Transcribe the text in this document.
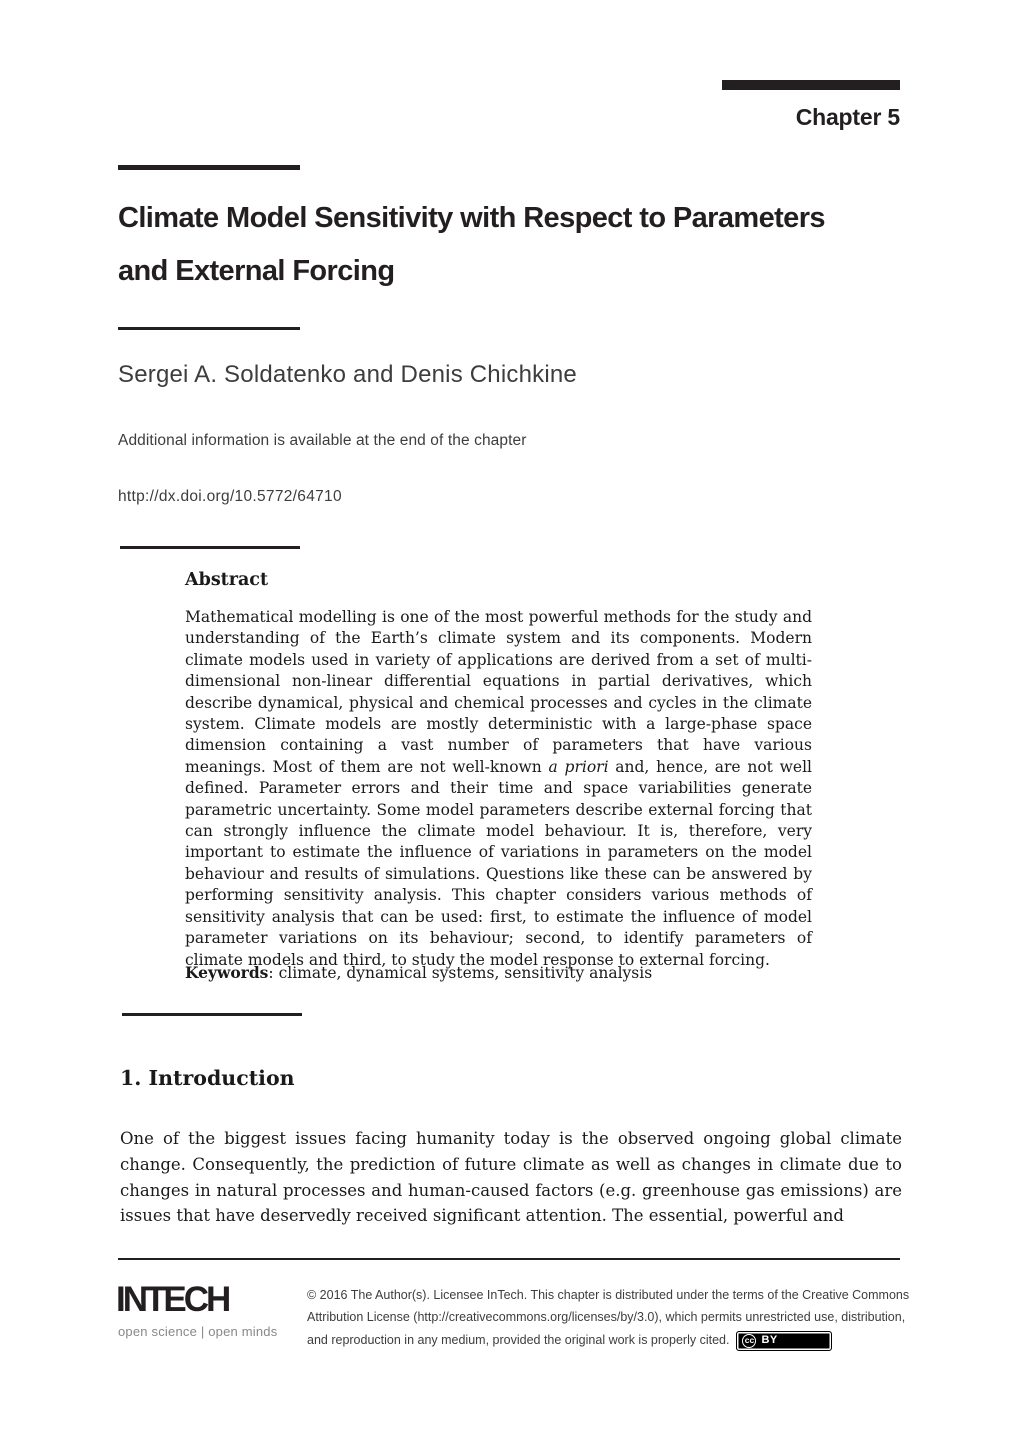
Chapter 5
Climate Model Sensitivity with Respect to Parameters
and External Forcing
Sergei A. Soldatenko and Denis Chichkine
Additional information is available at the end of the chapter
http://dx.doi.org/10.5772/64710
Abstract
Mathematical modelling is one of the most powerful methods for the study and understanding of the Earth’s climate system and its components. Modern climate models used in variety of applications are derived from a set of multi-dimensional non-linear differential equations in partial derivatives, which describe dynamical, physical and chemical processes and cycles in the climate system. Climate models are mostly deterministic with a large-phase space dimension containing a vast number of parameters that have various meanings. Most of them are not well-known a priori and, hence, are not well defined. Parameter errors and their time and space variabilities generate parametric uncertainty. Some model parameters describe external forcing that can strongly influence the climate model behaviour. It is, therefore, very important to estimate the influence of variations in parameters on the model behaviour and results of simulations. Questions like these can be answered by performing sensitivity analysis. This chapter considers various methods of sensitivity analysis that can be used: first, to estimate the influence of model parameter variations on its behaviour; second, to identify parameters of climate models and third, to study the model response to external forcing.
Keywords: climate, dynamical systems, sensitivity analysis
1. Introduction
One of the biggest issues facing humanity today is the observed ongoing global climate change. Consequently, the prediction of future climate as well as changes in climate due to changes in natural processes and human-caused factors (e.g. greenhouse gas emissions) are issues that have deservedly received significant attention. The essential, powerful and
INTECH
open science | open minds
© 2016 The Author(s). Licensee InTech. This chapter is distributed under the terms of the Creative Commons Attribution License (http://creativecommons.org/licenses/by/3.0), which permits unrestricted use, distribution, and reproduction in any medium, provided the original work is properly cited. cc BY
